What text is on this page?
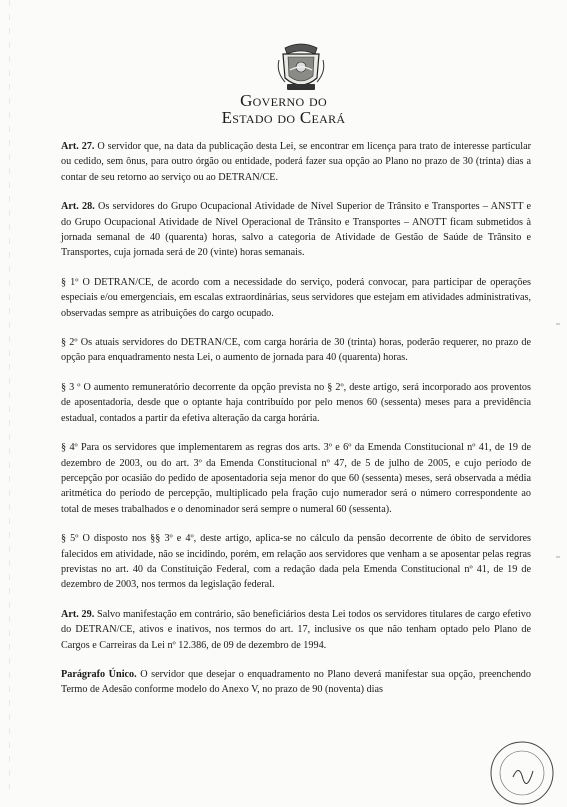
Governo do
Estado do Ceará

Art. 27. O servidor que, na data da publicação desta Lei, se encontrar em licença para trato de interesse particular ou cedido, sem ônus, para outro órgão ou entidade, poderá fazer sua opção ao Plano no prazo de 30 (trinta) dias a contar de seu retorno ao serviço ou ao DETRAN/CE.

Art. 28. Os servidores do Grupo Ocupacional Atividade de Nível Superior de Trânsito e Transportes – ANSTT e do Grupo Ocupacional Atividade de Nível Operacional de Trânsito e Transportes – ANOTT ficam submetidos à jornada semanal de 40 (quarenta) horas, salvo a categoria de Atividade de Gestão de Saúde de Trânsito e Transportes, cuja jornada será de 20 (vinte) horas semanais.

§ 1º O DETRAN/CE, de acordo com a necessidade do serviço, poderá convocar, para participar de operações especiais e/ou emergenciais, em escalas extraordinárias, seus servidores que estejam em atividades administrativas, observadas sempre as atribuições do cargo ocupado.

§ 2º Os atuais servidores do DETRAN/CE, com carga horária de 30 (trinta) horas, poderão requerer, no prazo de opção para enquadramento nesta Lei, o aumento de jornada para 40 (quarenta) horas.

§ 3 º O aumento remuneratório decorrente da opção prevista no § 2º, deste artigo, será incorporado aos proventos de aposentadoria, desde que o optante haja contribuído por pelo menos 60 (sessenta) meses para a previdência estadual, contados a partir da efetiva alteração da carga horária.

§ 4º Para os servidores que implementarem as regras dos arts. 3º e 6º da Emenda Constitucional nº 41, de 19 de dezembro de 2003, ou do art. 3º da Emenda Constitucional nº 47, de 5 de julho de 2005, e cujo período de percepção por ocasião do pedido de aposentadoria seja menor do que 60 (sessenta) meses, será observada a média aritmética do período de percepção, multiplicado pela fração cujo numerador será o número correspondente ao total de meses trabalhados e o denominador será sempre o numeral 60 (sessenta).

§ 5º O disposto nos §§ 3º e 4º, deste artigo, aplica-se no cálculo da pensão decorrente de óbito de servidores falecidos em atividade, não se incidindo, porém, em relação aos servidores que venham a se aposentar pelas regras previstas no art. 40 da Constituição Federal, com a redação dada pela Emenda Constitucional nº 41, de 19 de dezembro de 2003, nos termos da legislação federal.

Art. 29. Salvo manifestação em contrário, são beneficiários desta Lei todos os servidores titulares de cargo efetivo do DETRAN/CE, ativos e inativos, nos termos do art. 17, inclusive os que não tenham optado pelo Plano de Cargos e Carreiras da Lei nº 12.386, de 09 de dezembro de 1994.

Parágrafo Único. O servidor que desejar o enquadramento no Plano deverá manifestar sua opção, preenchendo Termo de Adesão conforme modelo do Anexo V, no prazo de 90 (noventa) dias

ı
ı
